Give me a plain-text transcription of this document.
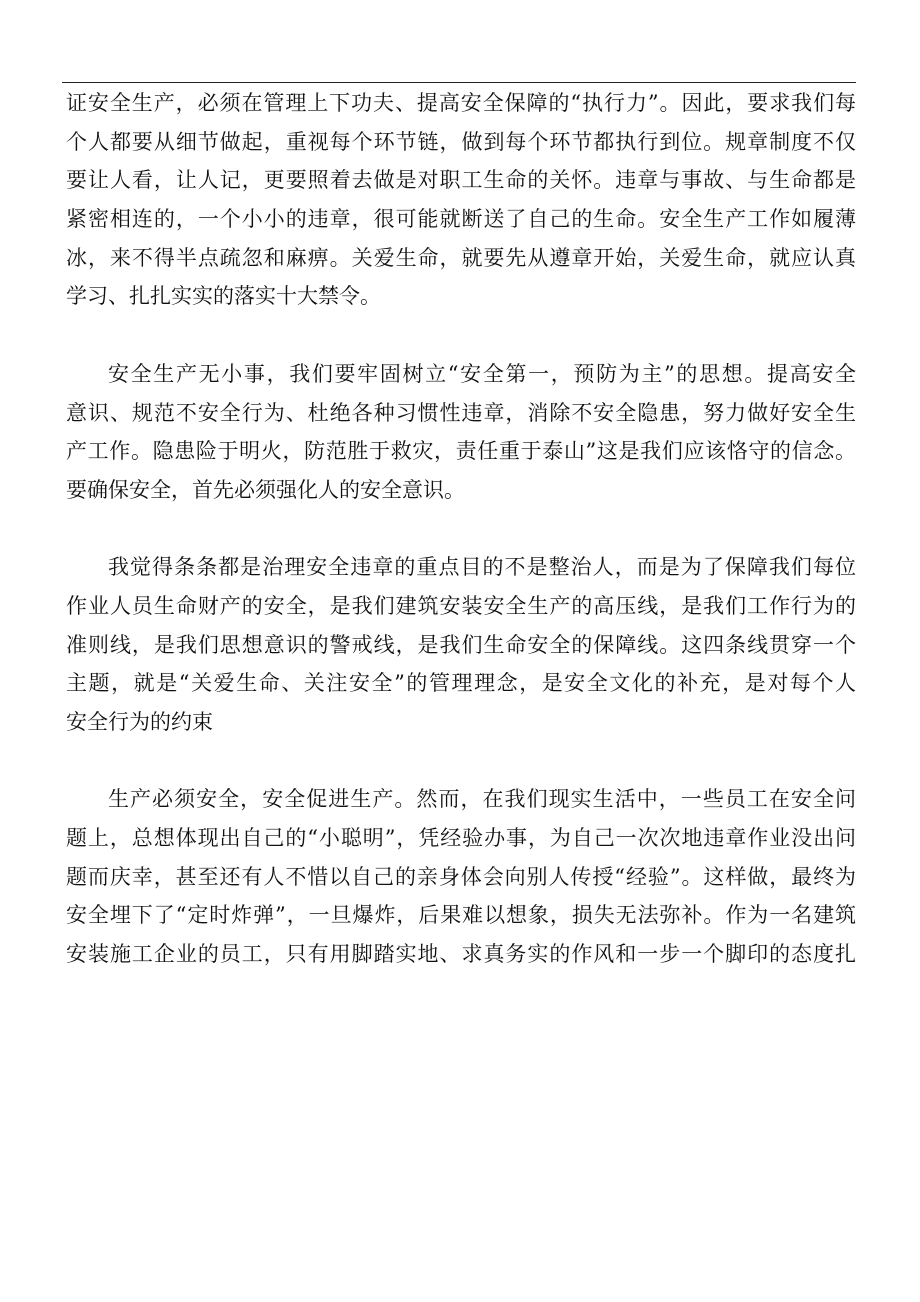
证安全生产，必须在管理上下功夫、提高安全保障的“执行力”。因此，要求我们每
个人都要从细节做起，重视每个环节链，做到每个环节都执行到位。规章制度不仅
要让人看，让人记，更要照着去做是对职工生命的关怀。违章与事故、与生命都是
紧密相连的，一个小小的违章，很可能就断送了自己的生命。安全生产工作如履薄
冰，来不得半点疏忽和麻痹。关爱生命，就要先从遵章开始，关爱生命，就应认真
学习、扎扎实实的落实十大禁令。
安全生产无小事，我们要牢固树立“安全第一，预防为主”的思想。提高安全
意识、规范不安全行为、杜绝各种习惯性违章，消除不安全隐患，努力做好安全生
产工作。隐患险于明火，防范胜于救灾，责任重于泰山”这是我们应该恪守的信念。
要确保安全，首先必须强化人的安全意识。
我觉得条条都是治理安全违章的重点目的不是整治人，而是为了保障我们每位
作业人员生命财产的安全，是我们建筑安装安全生产的高压线，是我们工作行为的
准则线，是我们思想意识的警戒线，是我们生命安全的保障线。这四条线贯穿一个
主题，就是“关爱生命、关注安全”的管理理念，是安全文化的补充，是对每个人
安全行为的约束
生产必须安全，安全促进生产。然而，在我们现实生活中，一些员工在安全问
题上，总想体现出自己的“小聪明”，凭经验办事，为自己一次次地违章作业没出问
题而庆幸，甚至还有人不惜以自己的亲身体会向别人传授“经验”。这样做，最终为
安全埋下了“定时炸弹”，一旦爆炸，后果难以想象，损失无法弥补。作为一名建筑
安装施工企业的员工，只有用脚踏实地、求真务实的作风和一步一个脚印的态度扎
